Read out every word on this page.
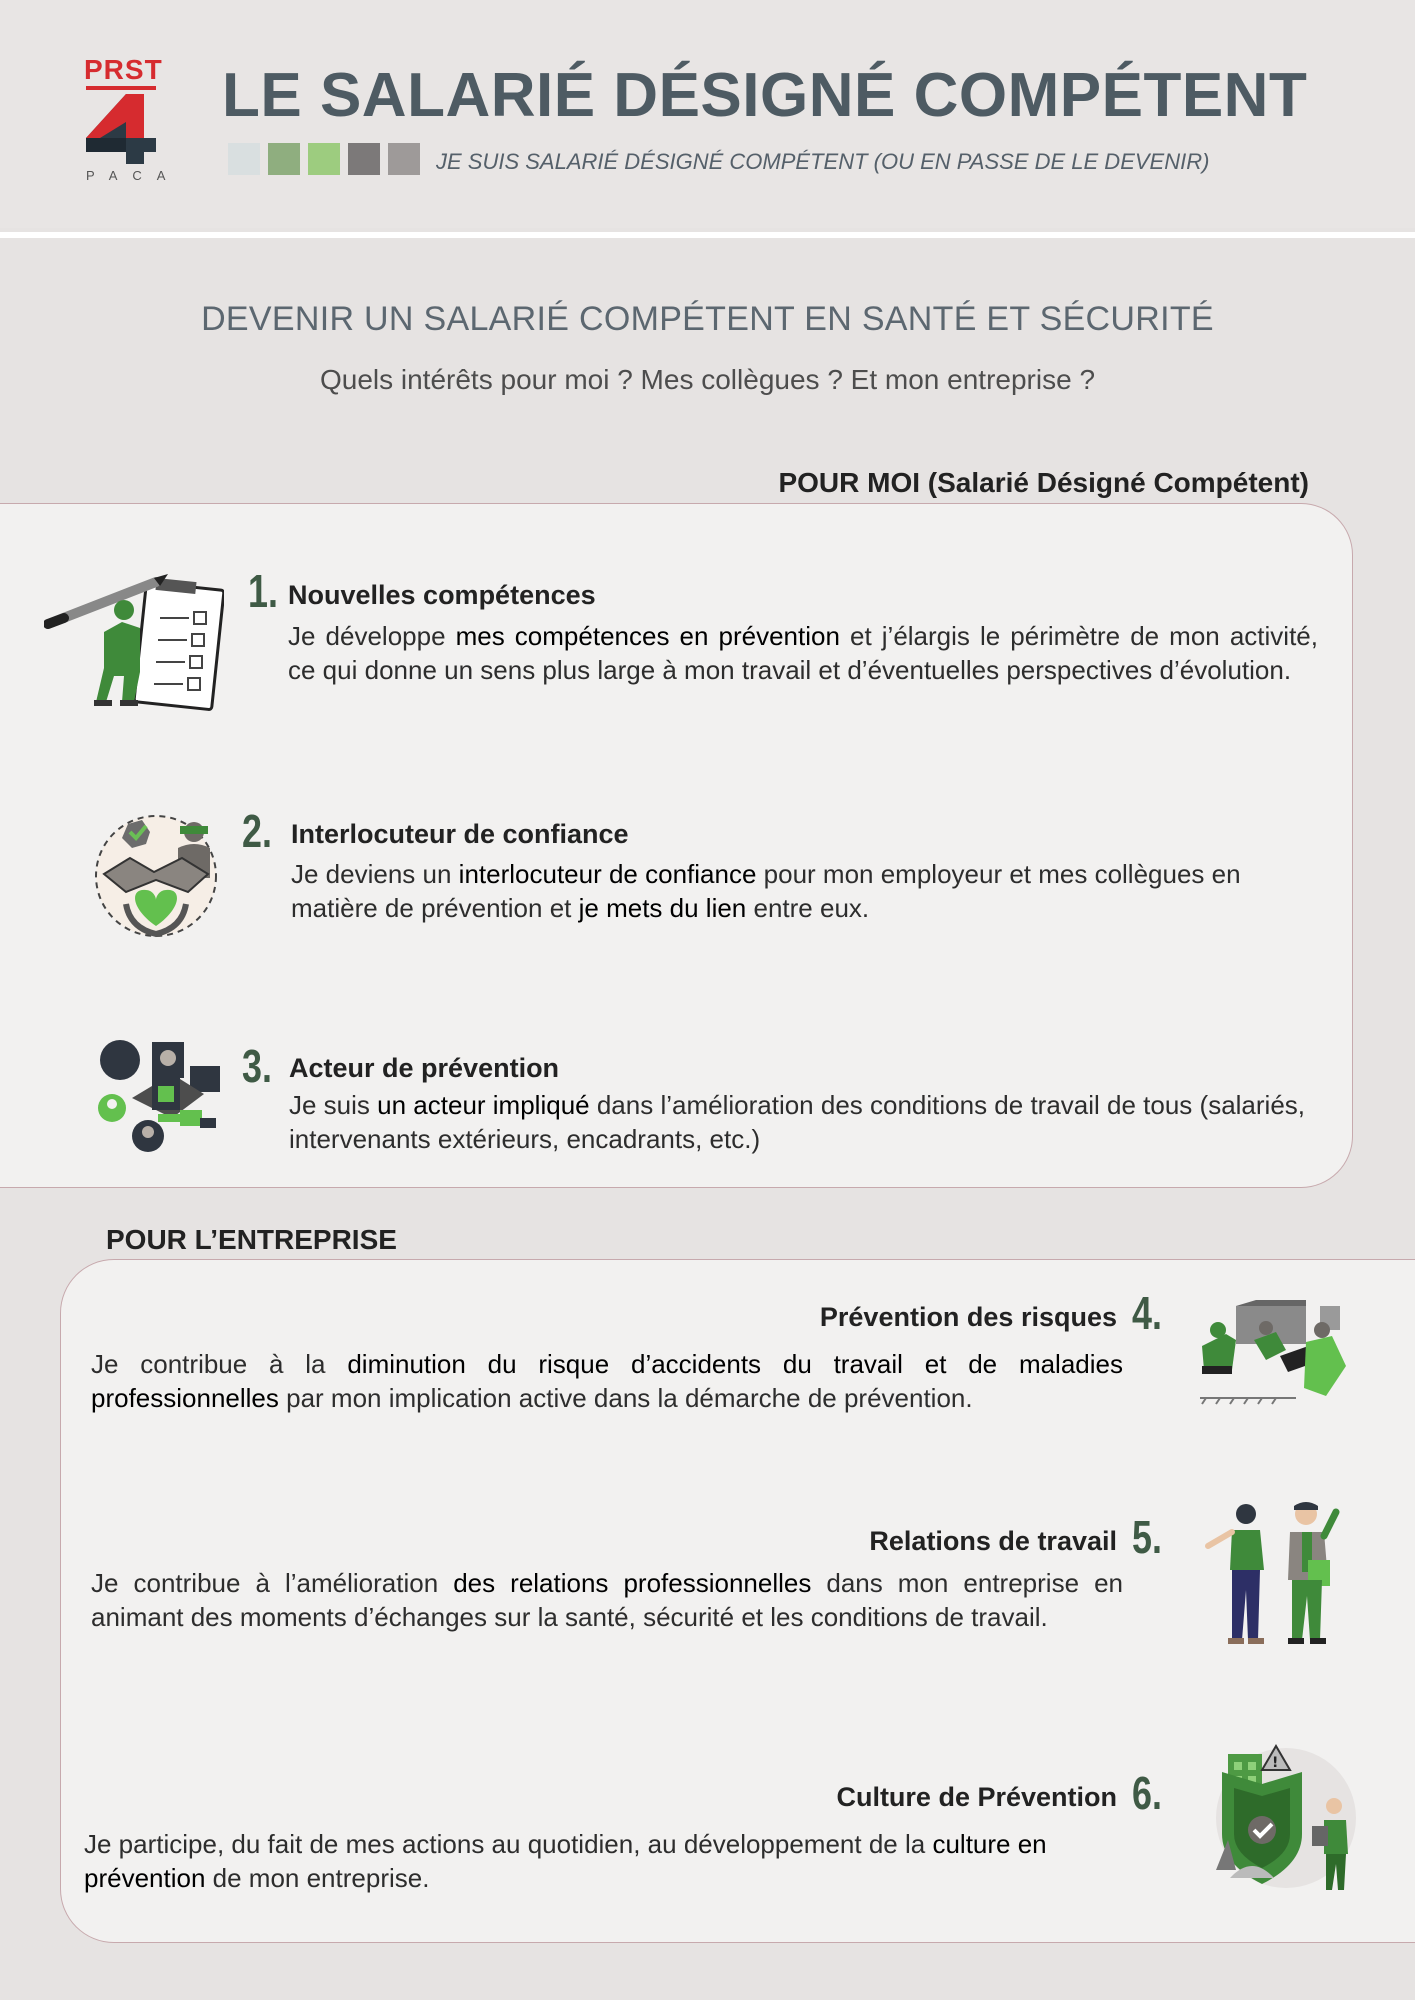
PRST
PACA
LE SALARIÉ DÉSIGNÉ COMPÉTENT
JE SUIS SALARIÉ DÉSIGNÉ COMPÉTENT (OU EN PASSE DE LE DEVENIR)
DEVENIR UN SALARIÉ COMPÉTENT EN SANTÉ ET SÉCURITÉ
Quels intérêts pour moi ? Mes collègues ? Et mon entreprise ?
POUR MOI (Salarié Désigné Compétent)
1. Nouvelles compétences
Je développe mes compétences en prévention et j’élargis le périmètre de mon activité, ce qui donne un sens plus large à mon travail et d’éventuelles perspectives d’évolution.
2. Interlocuteur de confiance
Je deviens un interlocuteur de confiance pour mon employeur et mes collègues en matière de prévention et je mets du lien entre eux.
3. Acteur de prévention
Je suis un acteur impliqué dans l’amélioration des conditions de travail de tous (salariés, intervenants extérieurs, encadrants, etc.)
POUR L’ENTREPRISE
Prévention des risques 4.
Je contribue à la diminution du risque d’accidents du travail et de maladies professionnelles par mon implication active dans la démarche de prévention.
Relations de travail 5.
Je contribue à l’amélioration des relations professionnelles dans mon entreprise en animant des moments d’échanges sur la santé, sécurité et les conditions de travail.
Culture de Prévention 6.
Je participe, du fait de mes actions au quotidien, au développement de la culture en prévention de mon entreprise.
!
